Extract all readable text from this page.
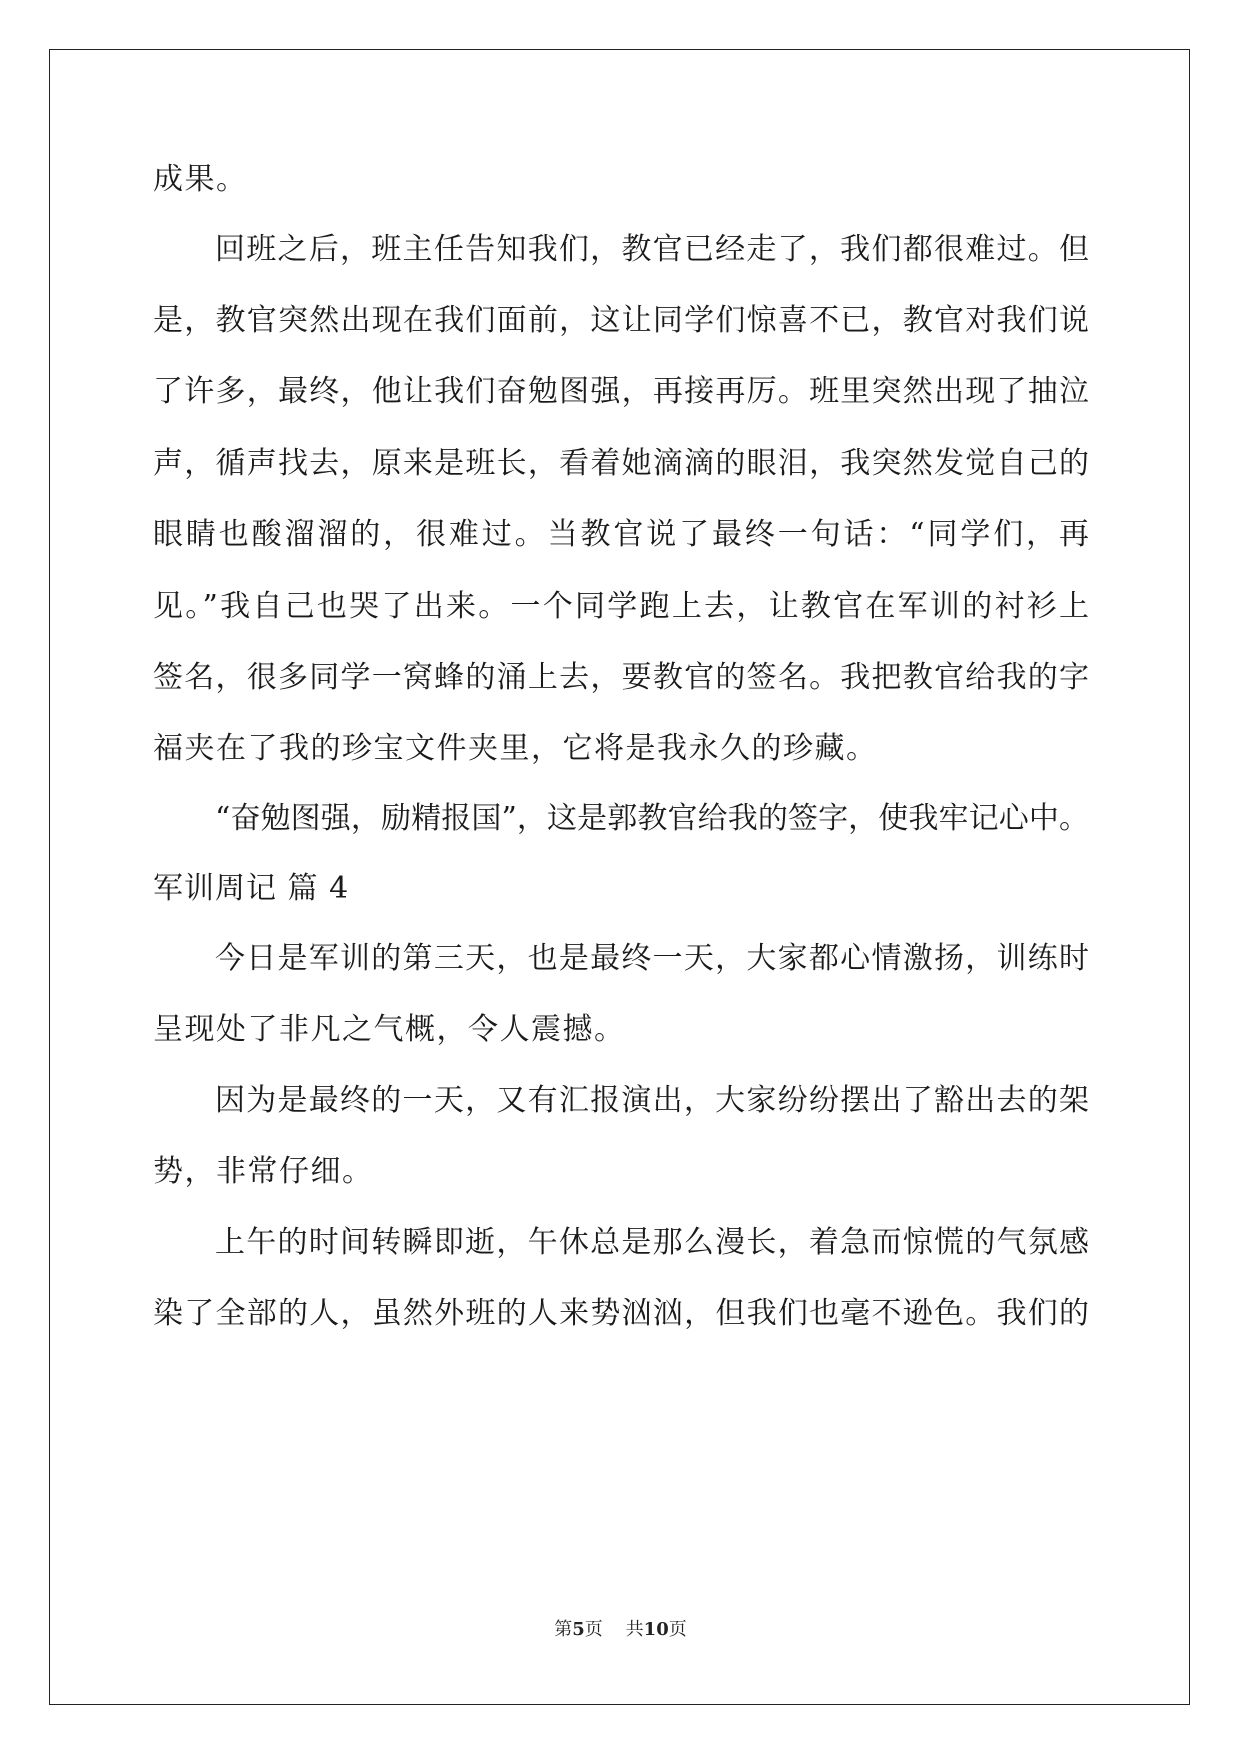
成果。
回班之后，班主任告知我们，教官已经走了，我们都很难过。但
是，教官突然出现在我们面前，这让同学们惊喜不已，教官对我们说
了许多，最终，他让我们奋勉图强，再接再厉。班里突然出现了抽泣
声，循声找去，原来是班长，看着她滴滴的眼泪，我突然发觉自己的
眼睛也酸溜溜的，很难过。当教官说了最终一句话：“同学们，再
见。”我自己也哭了出来。一个同学跑上去，让教官在军训的衬衫上
签名，很多同学一窝蜂的涌上去，要教官的签名。我把教官给我的字
福夹在了我的珍宝文件夹里，它将是我永久的珍藏。
“奋勉图强，励精报国”，这是郭教官给我的签字，使我牢记心中。
军训周记 篇 4
今日是军训的第三天，也是最终一天，大家都心情激扬，训练时
呈现处了非凡之气概，令人震撼。
因为是最终的一天，又有汇报演出，大家纷纷摆出了豁出去的架
势，非常仔细。
上午的时间转瞬即逝，午休总是那么漫长，着急而惊慌的气氛感
染了全部的人，虽然外班的人来势汹汹，但我们也毫不逊色。我们的
第5页 共10页
